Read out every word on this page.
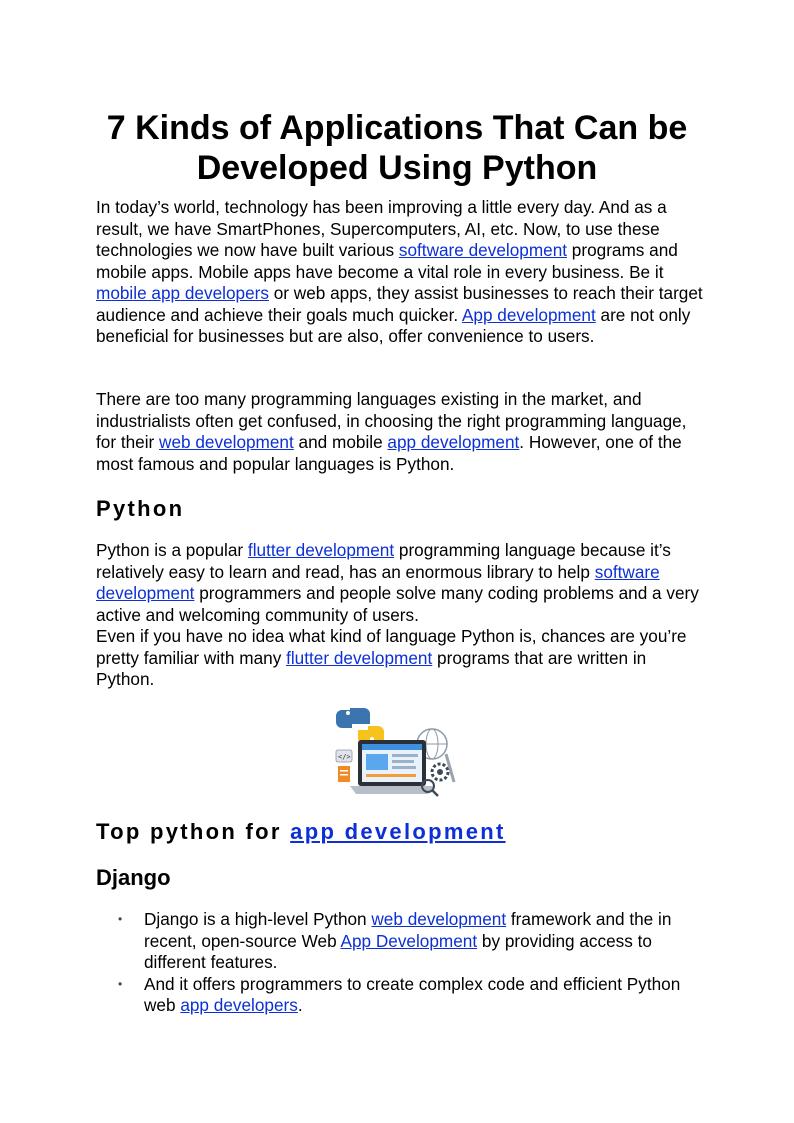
7 Kinds of Applications That Can be
Developed Using Python

In today’s world, technology has been improving a little every day. And as a result, we have SmartPhones, Supercomputers, AI, etc. Now, to use these technologies we now have built various software development programs and mobile apps. Mobile apps have become a vital role in every business. Be it mobile app developers or web apps, they assist businesses to reach their target audience and achieve their goals much quicker. App development are not only beneficial for businesses but are also, offer convenience to users.

There are too many programming languages existing in the market, and industrialists often get confused, in choosing the right programming language, for their web development and mobile app development. However, one of the most famous and popular languages is Python.

Python

Python is a popular flutter development programming language because it’s relatively easy to learn and read, has an enormous library to help software development programmers and people solve many coding problems and a very active and welcoming community of users.
Even if you have no idea what kind of language Python is, chances are you’re pretty familiar with many flutter development programs that are written in Python.

</>
Top python for app development
Django
• Django is a high-level Python web development framework and the in recent, open-source Web App Development by providing access to different features.
• And it offers programmers to create complex code and efficient Python web app developers.
